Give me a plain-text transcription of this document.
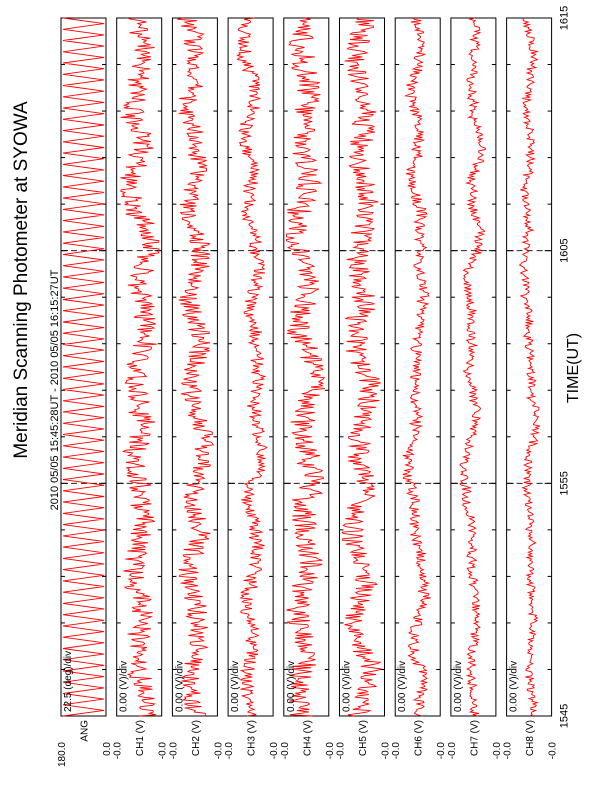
Meridian Scanning Photometer at SYOWA 2010 05/05 15:45:28UT - 2010 05/05 16:15:27UT	TIME(UT)
22.5 (deg)/div
ANG
180.0	0.0
0.00 (V)/div
CH1 (V)
-0.0	-0.0
0.00 (V)/div
CH2 (V)
-0.0	-0.0
0.00 (V)/div
CH3 (V)
-0.0	-0.0
0.00 (V)/div
CH4 (V)
-0.0	-0.0
0.00 (V)/div
CH5 (V)
-0.0	-0.0
0.00 (V)/div
CH6 (V)
-0.0	-0.0
0.00 (V)/div
CH7 (V)
-0.0	-0.0
0.00 (V)/div
CH8 (V)
-0.0	-0.0
1545
1555
1605
1615
